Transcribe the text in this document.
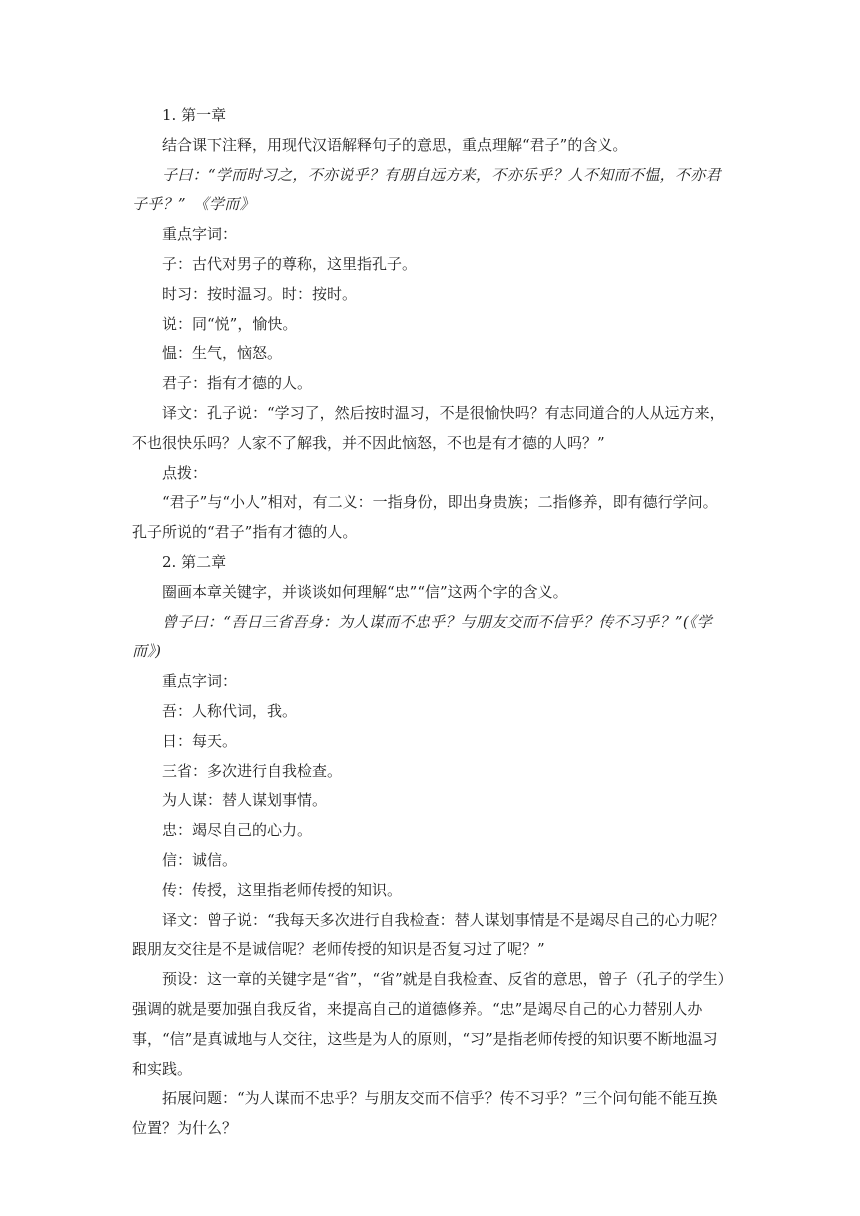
1. 第一章

结合课下注释，用现代汉语解释句子的意思，重点理解“君子”的含义。

子曰：“学而时习之，不亦说乎？有朋自远方来，不亦乐乎？人不知而不愠，不亦君子乎？”　《学而》

重点字词：

子：古代对男子的尊称，这里指孔子。

时习：按时温习。时：按时。

说：同“悦”，愉快。

愠：生气，恼怒。

君子：指有才德的人。

译文：孔子说：“学习了，然后按时温习，不是很愉快吗？有志同道合的人从远方来，不也很快乐吗？人家不了解我，并不因此恼怒，不也是有才德的人吗？”

点拨：

“君子”与“小人”相对，有二义：一指身份，即出身贵族；二指修养，即有德行学问。孔子所说的“君子”指有才德的人。

2. 第二章

圈画本章关键字，并谈谈如何理解“忠”“信”这两个字的含义。

曾子曰：“吾日三省吾身：为人谋而不忠乎？与朋友交而不信乎？传不习乎？”(《学而》)

重点字词：

吾：人称代词，我。

日：每天。

三省：多次进行自我检查。

为人谋：替人谋划事情。

忠：竭尽自己的心力。

信：诚信。

传：传授，这里指老师传授的知识。

译文：曾子说：“我每天多次进行自我检查：替人谋划事情是不是竭尽自己的心力呢？跟朋友交往是不是诚信呢？老师传授的知识是否复习过了呢？”

预设：这一章的关键字是“省”，“省”就是自我检查、反省的意思，曾子（孔子的学生）强调的就是要加强自我反省，来提高自己的道德修养。“忠”是竭尽自己的心力替别人办事，“信”是真诚地与人交往，这些是为人的原则，“习”是指老师传授的知识要不断地温习和实践。

拓展问题：“为人谋而不忠乎？与朋友交而不信乎？传不习乎？”三个问句能不能互换位置？为什么？
